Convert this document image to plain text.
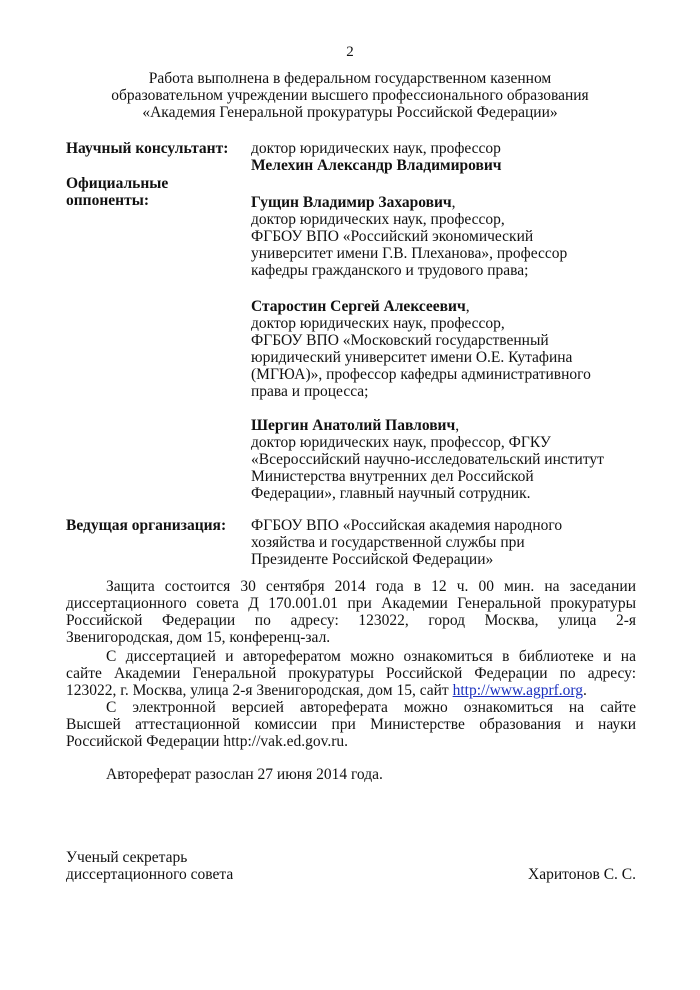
2
Работа выполнена в федеральном государственном казенном
образовательном учреждении высшего профессионального образования
«Академия Генеральной прокуратуры Российской Федерации»
Научный консультант: доктор юридических наук, профессор
Мелехин Александр Владимирович
Официальные
оппоненты:	Гущин Владимир Захарович,
доктор юридических наук, профессор,
ФГБОУ ВПО «Российский экономический
университет имени Г.В. Плеханова», профессор
кафедры гражданского и трудового права;
Старостин Сергей Алексеевич,
доктор юридических наук, профессор,
ФГБОУ ВПО «Московский государственный
юридический университет имени О.Е. Кутафина
(МГЮА)», профессор кафедры административного
права и процесса;
Шергин Анатолий Павлович,
доктор юридических наук, профессор, ФГКУ
«Всероссийский научно-исследовательский институт
Министерства внутренних дел Российской
Федерации», главный научный сотрудник.
Ведущая организация: ФГБОУ ВПО «Российская академия народного
хозяйства и государственной службы при
Президенте Российской Федерации»
Защита состоится 30 сентября 2014 года в 12 ч. 00 мин. на заседании
диссертационного совета Д 170.001.01 при Академии Генеральной прокуратуры
Российской Федерации по адресу: 123022, город Москва, улица 2-я
Звенигородская, дом 15, конференц-зал.
С диссертацией и авторефератом можно ознакомиться в библиотеке и на
сайте Академии Генеральной прокуратуры Российской Федерации по адресу:
123022, г. Москва, улица 2-я Звенигородская, дом 15, сайт http://www.agprf.org.
С электронной версией автореферата можно ознакомиться на сайте
Высшей аттестационной комиссии при Министерстве образования и науки
Российской Федерации http://vak.ed.gov.ru.
Автореферат разослан 27 июня 2014 года.
Ученый секретарь
диссертационного совета	Харитонов С. С.
